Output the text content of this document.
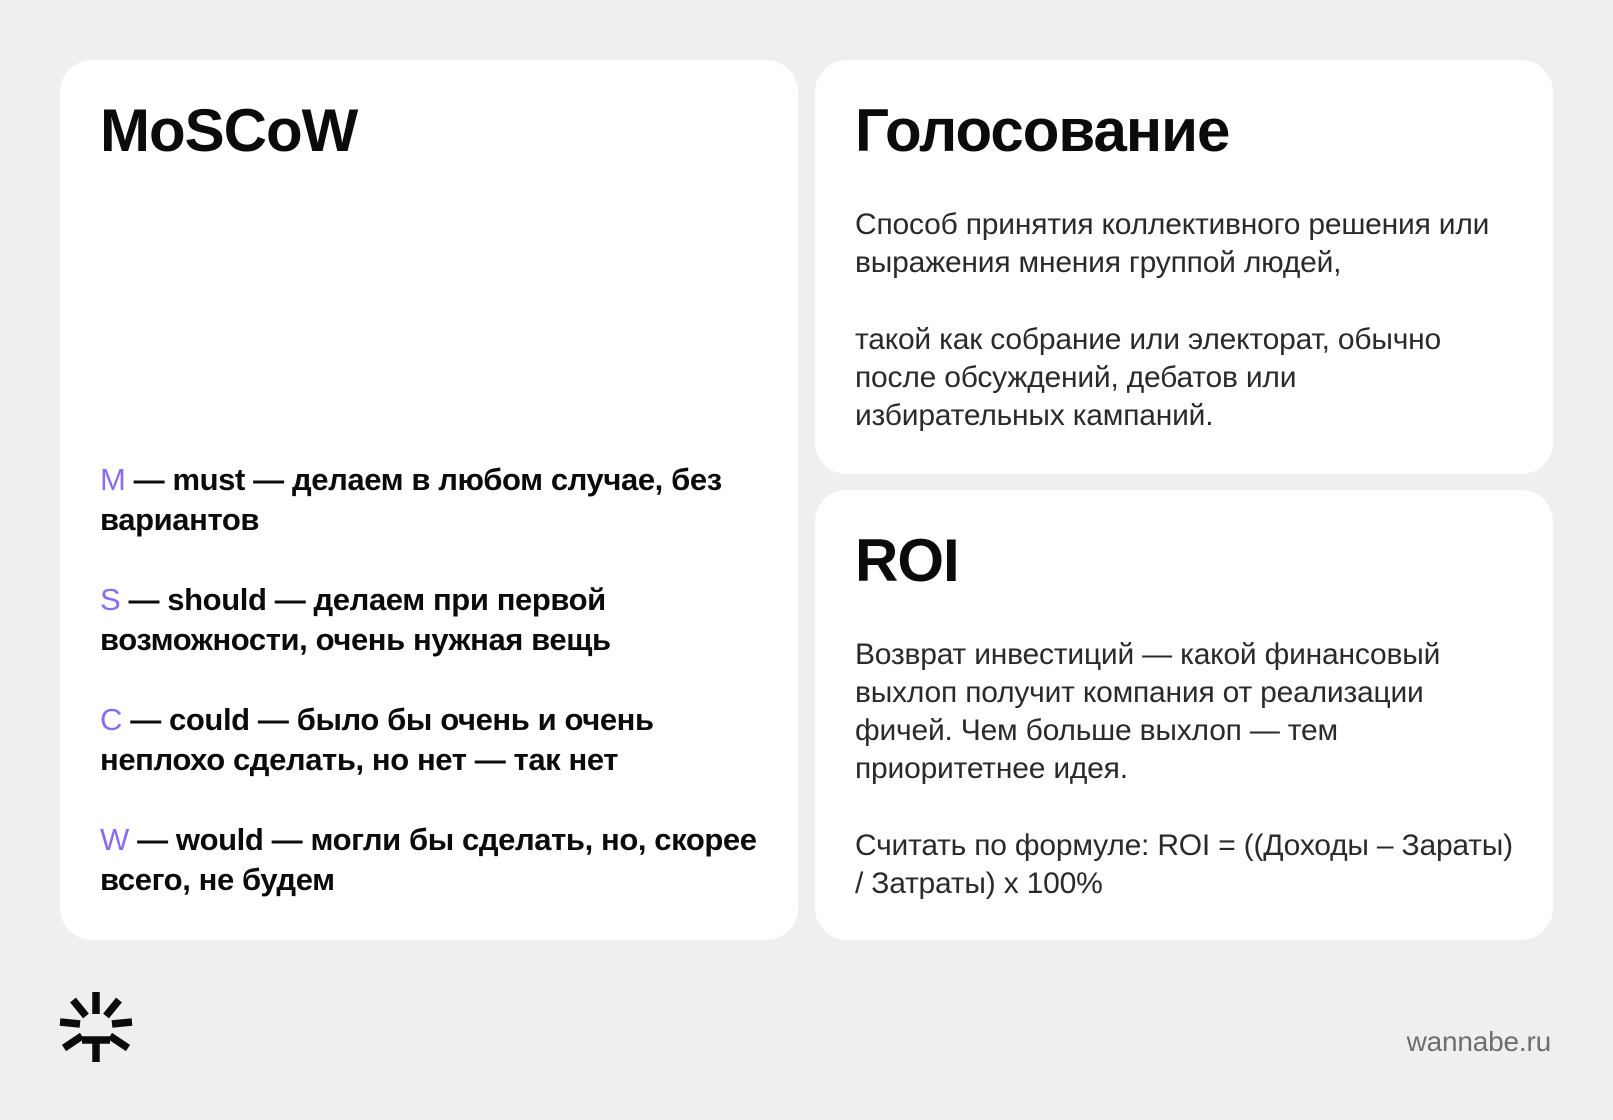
MoSCoW

M — must — делаем в любом случае, без вариантов

S — should — делаем при первой возможности, очень нужная вещь

C — could — было бы очень и очень неплохо сделать, но нет — так нет

W — would — могли бы сделать, но, скорее всего, не будем

Голосование

Способ принятия коллективного решения или выражения мнения группой людей,

такой как собрание или электорат, обычно после обсуждений, дебатов или избирательных кампаний.

ROI

Возврат инвестиций — какой финансовый выхлоп получит компания от реализации фичей. Чем больше выхлоп — тем приоритетнее идея.

Считать по формуле: ROI = ((Доходы – Зараты) / Затраты) х 100%

wannabe.ru
